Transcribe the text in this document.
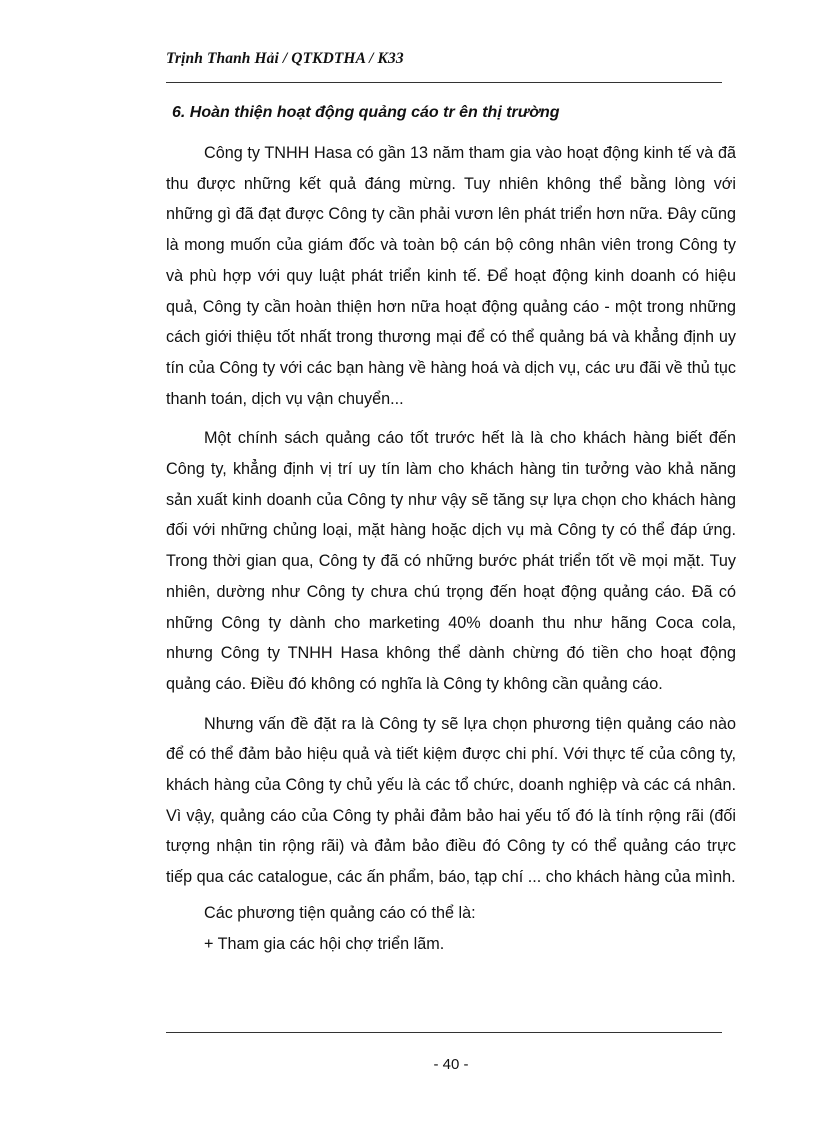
Trịnh Thanh Hải / QTKDTHA / K33
6. Hoàn thiện hoạt động quảng cáo tr ên thị trường

Công ty TNHH Hasa có gần 13 năm tham gia vào hoạt động kinh tế và đã thu được những kết quả đáng mừng. Tuy nhiên không thể bằng lòng với những gì đã đạt được Công ty cần phải vươn lên phát triển hơn nữa. Đây cũng là mong muốn của giám đốc và toàn bộ cán bộ công nhân viên trong Công ty và phù hợp với quy luật phát triển kinh tế. Để hoạt động kinh doanh có hiệu quả, Công ty cần hoàn thiện hơn nữa hoạt động quảng cáo - một trong những cách giới thiệu tốt nhất trong thương mại để có thể quảng bá và khẳng định uy tín của Công ty với các bạn hàng về hàng hoá và dịch vụ, các ưu đãi về thủ tục thanh toán, dịch vụ vận chuyển...

Một chính sách quảng cáo tốt trước hết là là cho khách hàng biết đến Công ty, khẳng định vị trí uy tín làm cho khách hàng tin tưởng vào khả năng sản xuất kinh doanh của Công ty như vậy sẽ tăng sự lựa chọn cho khách hàng đối với những chủng loại, mặt hàng hoặc dịch vụ mà Công ty có thể đáp ứng. Trong thời gian qua, Công ty đã có những bước phát triển tốt về mọi mặt. Tuy nhiên, dường như Công ty chưa chú trọng đến hoạt động quảng cáo. Đã có những Công ty dành cho marketing 40% doanh thu như hãng Coca cola, nhưng Công ty TNHH Hasa không thể dành chừng đó tiền cho hoạt động quảng cáo. Điều đó không có nghĩa là Công ty không cần quảng cáo.

Nhưng vấn đề đặt ra là Công ty sẽ lựa chọn phương tiện quảng cáo nào để có thể đảm bảo hiệu quả và tiết kiệm được chi phí. Với thực tế của công ty, khách hàng của Công ty chủ yếu là các tổ chức, doanh nghiệp và các cá nhân. Vì vậy, quảng cáo của Công ty phải đảm bảo hai yếu tố đó là tính rộng rãi (đối tượng nhận tin rộng rãi) và đảm bảo điều đó Công ty có thể quảng cáo trực tiếp qua các catalogue, các ấn phẩm, báo, tạp chí ... cho khách hàng của mình.

Các phương tiện quảng cáo có thể là:

+ Tham gia các hội chợ triển lãm.

- 40 -
